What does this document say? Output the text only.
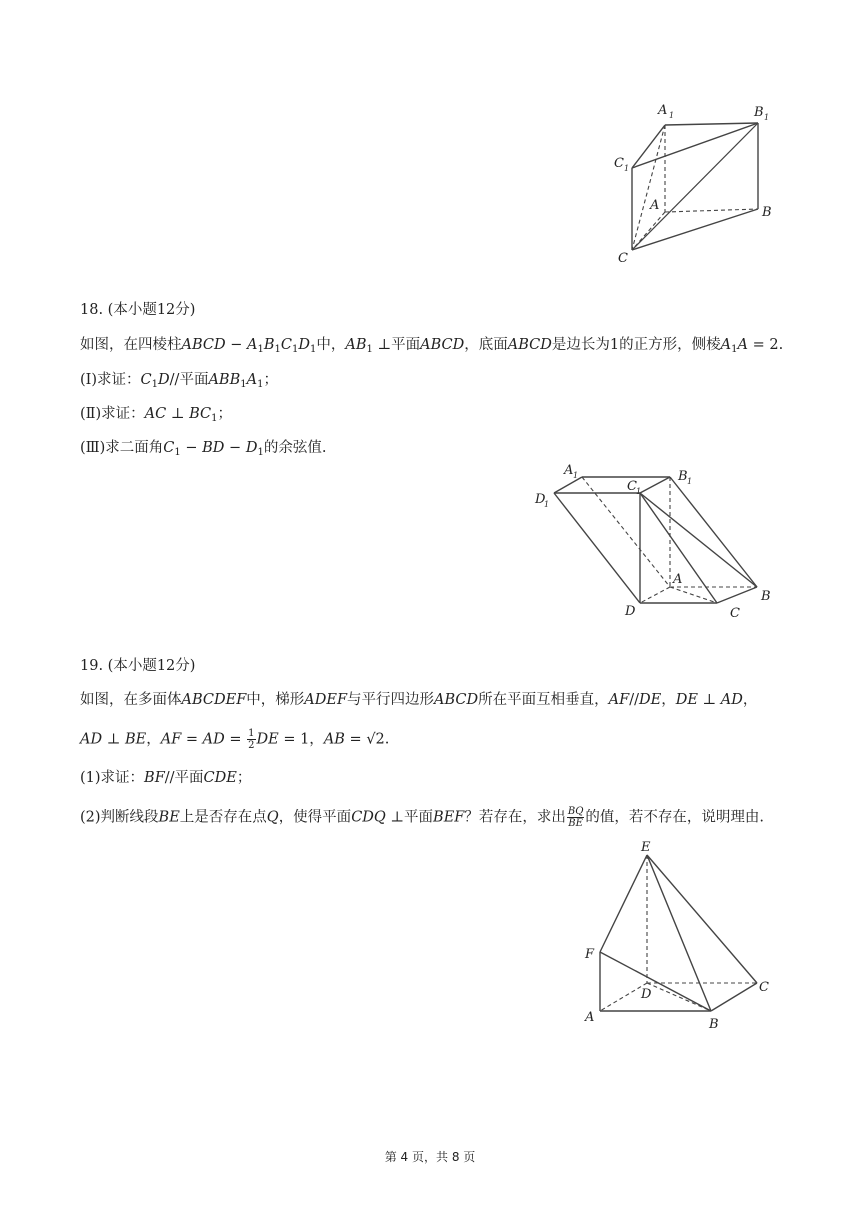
A 1	B 1
C 1
A	B
C
18. (本小题12分)
如图，在四棱柱ABCD − $A_1B_1C_1D_1$中，$AB_1$ ⊥平面ABCD，底面ABCD是边长为1的正方形，侧棱$A_1A = 2$.
(Ⅰ)求证：$C_1D//$平面$ABB_1A_1$；
(Ⅱ)求证：AC ⊥ $BC_1$；
(Ⅲ)求二面角$C_1$ − BD − $D_1$的余弦值.
A 1	B 1
C 1
D
1
A
B
D	C
19. (本小题12分)
如图，在多面体ABCDEF中，梯形ADEF与平行四边形ABCD所在平面互相垂直，AF//DE，DE ⊥ AD，
AD ⊥ BE，AF = AD = $\frac{1}{2}$ DE = 1，AB = √2.
(1)求证：BF//平面CDE；
(2)判断线段BE上是否存在点Q，使得平面CDQ ⊥平面BEF？若存在，求出 $\frac{BQ}{BE}$ 的值，若不存在，说明理由.
E
F
D	C
A	B
第 4 页，共 8 页
